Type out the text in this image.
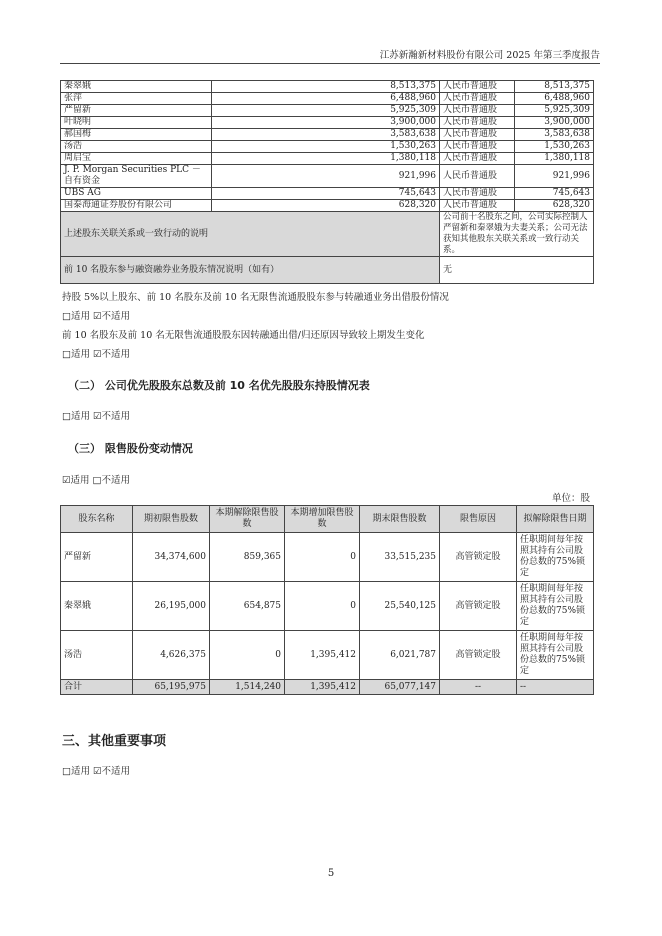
江苏新瀚新材料股份有限公司 2025 年第三季度报告
秦翠娥	8,513,375	人民币普通股	8,513,375
张萍	6,488,960	人民币普通股	6,488,960
严留新	5,925,309	人民币普通股	5,925,309
叶晓明	3,900,000	人民币普通股	3,900,000
郝国梅	3,583,638	人民币普通股	3,583,638
汤浩	1,530,263	人民币普通股	1,530,263
周启宝	1,380,118	人民币普通股	1,380,118
J. P. Morgan Securities PLC －自有资金	921,996	人民币普通股	921,996
UBS AG	745,643	人民币普通股	745,643
国泰海通证券股份有限公司	628,320	人民币普通股	628,320
上述股东关联关系或一致行动的说明		公司前十名股东之间，公司实际控制人严留新和秦翠娥为夫妻关系；公司无法获知其他股东关联关系或一致行动关系。	
前 10 名股东参与融资融券业务股东情况说明（如有）		无	
持股 5%以上股东、前 10 名股东及前 10 名无限售流通股股东参与转融通业务出借股份情况
□适用 ☑不适用
前 10 名股东及前 10 名无限售流通股股东因转融通出借/归还原因导致较上期发生变化
□适用 ☑不适用
（二） 公司优先股股东总数及前 10 名优先股股东持股情况表
□适用 ☑不适用
（三） 限售股份变动情况
☑适用 □不适用
单位：股
股东名称	期初限售股数	本期解除限售股数	本期增加限售股数	期末限售股数	限售原因	拟解除限售日期
严留新	34,374,600	859,365	0	33,515,235	高管锁定股	任职期间每年按照其持有公司股份总数的75%锁定
秦翠娥	26,195,000	654,875	0	25,540,125	高管锁定股	任职期间每年按照其持有公司股份总数的75%锁定
汤浩	4,626,375	0	1,395,412	6,021,787	高管锁定股	任职期间每年按照其持有公司股份总数的75%锁定
合计	65,195,975	1,514,240	1,395,412	65,077,147	--	--
三、其他重要事项
□适用 ☑不适用
5
